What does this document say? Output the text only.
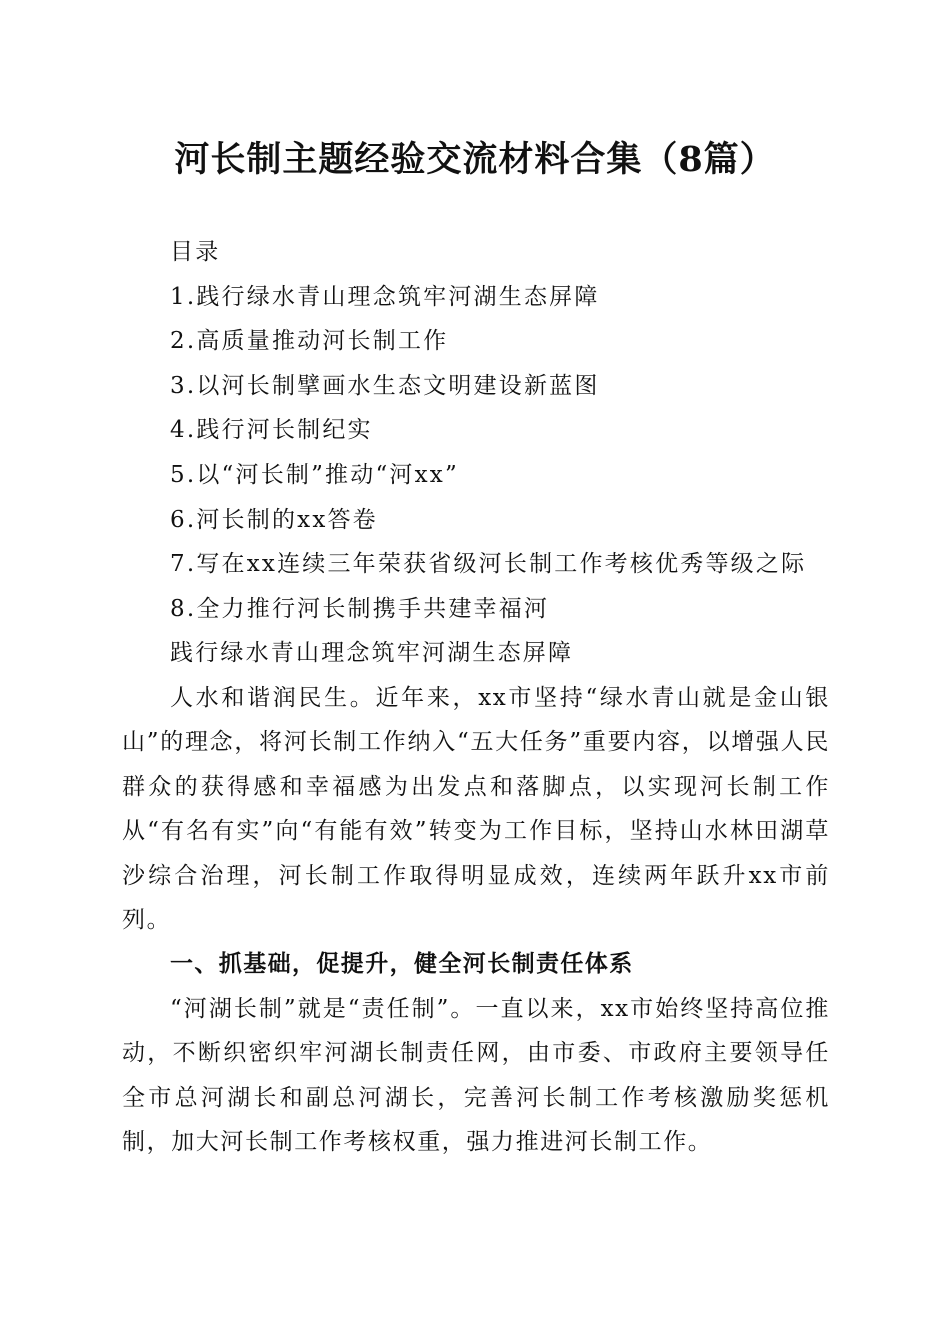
河长制主题经验交流材料合集（8篇）
目录
1.践行绿水青山理念筑牢河湖生态屏障
2.高质量推动河长制工作
3.以河长制擘画水生态文明建设新蓝图
4.践行河长制纪实
5.以“河长制”推动“河xx”
6.河长制的xx答卷
7.写在xx连续三年荣获省级河长制工作考核优秀等级之际
8.全力推行河长制携手共建幸福河
践行绿水青山理念筑牢河湖生态屏障

人水和谐润民生。近年来，xx市坚持“绿水青山就是金山银山”的理念，将河长制工作纳入“五大任务”重要内容，以增强人民群众的获得感和幸福感为出发点和落脚点，以实现河长制工作从“有名有实”向“有能有效”转变为工作目标，坚持山水林田湖草沙综合治理，河长制工作取得明显成效，连续两年跃升xx市前列。

一、抓基础，促提升，健全河长制责任体系

“河湖长制”就是“责任制”。一直以来，xx市始终坚持高位推动，不断织密织牢河湖长制责任网，由市委、市政府主要领导任全市总河湖长和副总河湖长，完善河长制工作考核激励奖惩机制，加大河长制工作考核权重，强力推进河长制工作。
